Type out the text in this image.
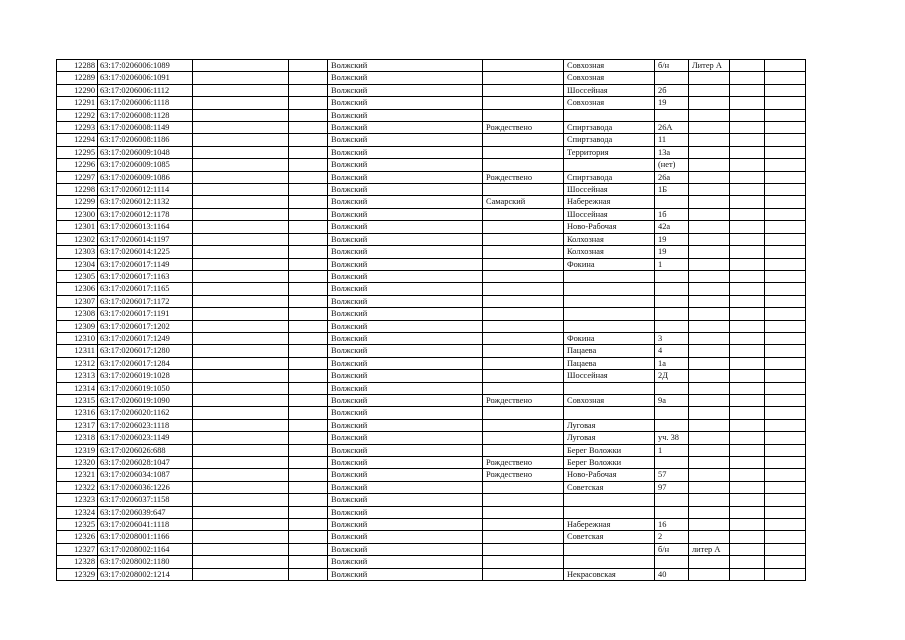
12288	63:17:0206006:1089			Волжский		Совхозная	б/н	Литер А		
12289	63:17:0206006:1091			Волжский		Совхозная				
12290	63:17:0206006:1112			Волжский		Шоссейная	2б			
12291	63:17:0206006:1118			Волжский		Совхозная	19			
12292	63:17:0206008:1128			Волжский						
12293	63:17:0206008:1149			Волжский	Рождествено	Спиртзавода	26А			
12294	63:17:0206008:1186			Волжский		Спиртзавода	11			
12295	63:17:0206009:1048			Волжский		Территория	13а			
12296	63:17:0206009:1085			Волжский			(нет)			
12297	63:17:0206009:1086			Волжский	Рождествено	Спиртзавода	26а			
12298	63:17:0206012:1114			Волжский		Шоссейная	1Б			
12299	63:17:0206012:1132			Волжский	Самарский	Набережная				
12300	63:17:0206012:1178			Волжский		Шоссейная	1б			
12301	63:17:0206013:1164			Волжский		Ново-Рабочая	42а			
12302	63:17:0206014:1197			Волжский		Колхозная	19			
12303	63:17:0206014:1225			Волжский		Колхозная	19			
12304	63:17:0206017:1149			Волжский		Фокина	1			
12305	63:17:0206017:1163			Волжский						
12306	63:17:0206017:1165			Волжский						
12307	63:17:0206017:1172			Волжский						
12308	63:17:0206017:1191			Волжский						
12309	63:17:0206017:1202			Волжский						
12310	63:17:0206017:1249			Волжский		Фокина	3			
12311	63:17:0206017:1280			Волжский		Пацаева	4			
12312	63:17:0206017:1284			Волжский		Пацаева	1а			
12313	63:17:0206019:1028			Волжский		Шоссейная	2Д			
12314	63:17:0206019:1050			Волжский						
12315	63:17:0206019:1090			Волжский	Рождествено	Совхозная	9а			
12316	63:17:0206020:1162			Волжский						
12317	63:17:0206023:1118			Волжский		Луговая				
12318	63:17:0206023:1149			Волжский		Луговая	уч. 38			
12319	63:17:0206026:688			Волжский		Берег Воложки	1			
12320	63:17:0206028:1047			Волжский	Рождествено	Берег Воложки				
12321	63:17:0206034:1087			Волжский	Рождествено	Ново-Рабочая	57			
12322	63:17:0206036:1226			Волжский		Советская	97			
12323	63:17:0206037:1158			Волжский						
12324	63:17:0206039:647			Волжский						
12325	63:17:0206041:1118			Волжский		Набережная	16			
12326	63:17:0208001:1166			Волжский		Советская	2			
12327	63:17:0208002:1164			Волжский			б/н	литер А		
12328	63:17:0208002:1180			Волжский						
12329	63:17:0208002:1214			Волжский		Некрасовская	40			
